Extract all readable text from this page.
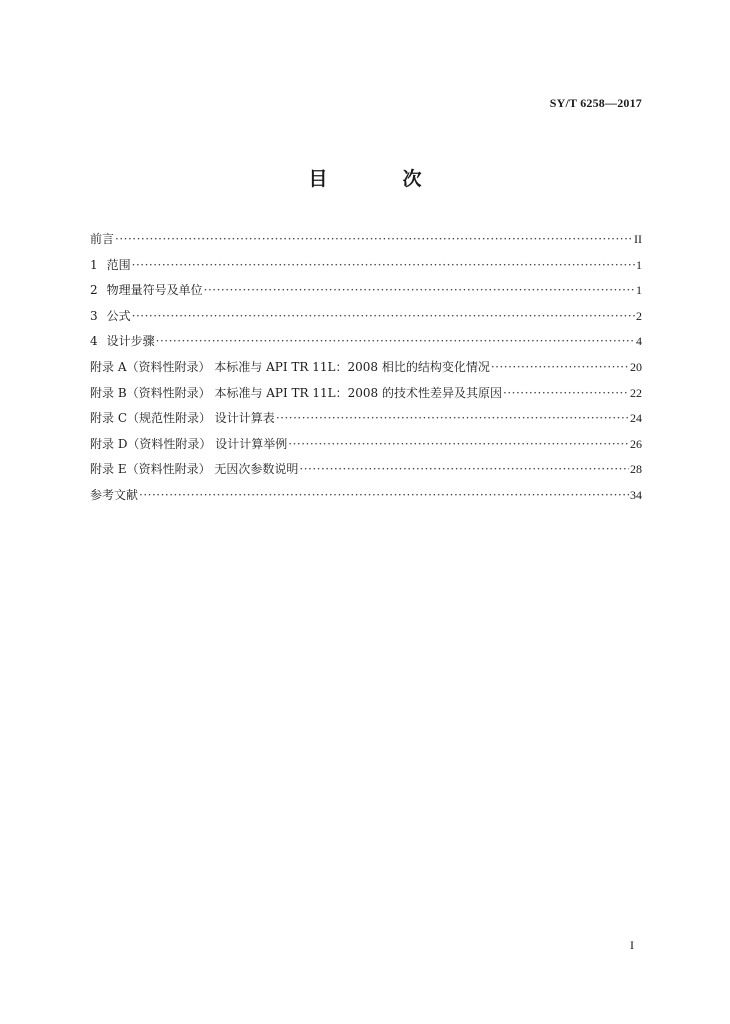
SY/T 6258—2017
目　次
前言 ·····	II
1 范围 ·····	1
2 物理量符号及单位 ·····	1
3 公式 ·····	2
4 设计步骤 ·····	4
附录 A（资料性附录） 本标准与 API TR 11L：2008 相比的结构变化情况 ·····	20
附录 B（资料性附录） 本标准与 API TR 11L：2008 的技术性差异及其原因 ·····	22
附录 C（规范性附录） 设计计算表 ·····	24
附录 D（资料性附录） 设计计算举例 ·····	26
附录 E（资料性附录） 无因次参数说明 ·····	28
参考文献 ·····	34
I
